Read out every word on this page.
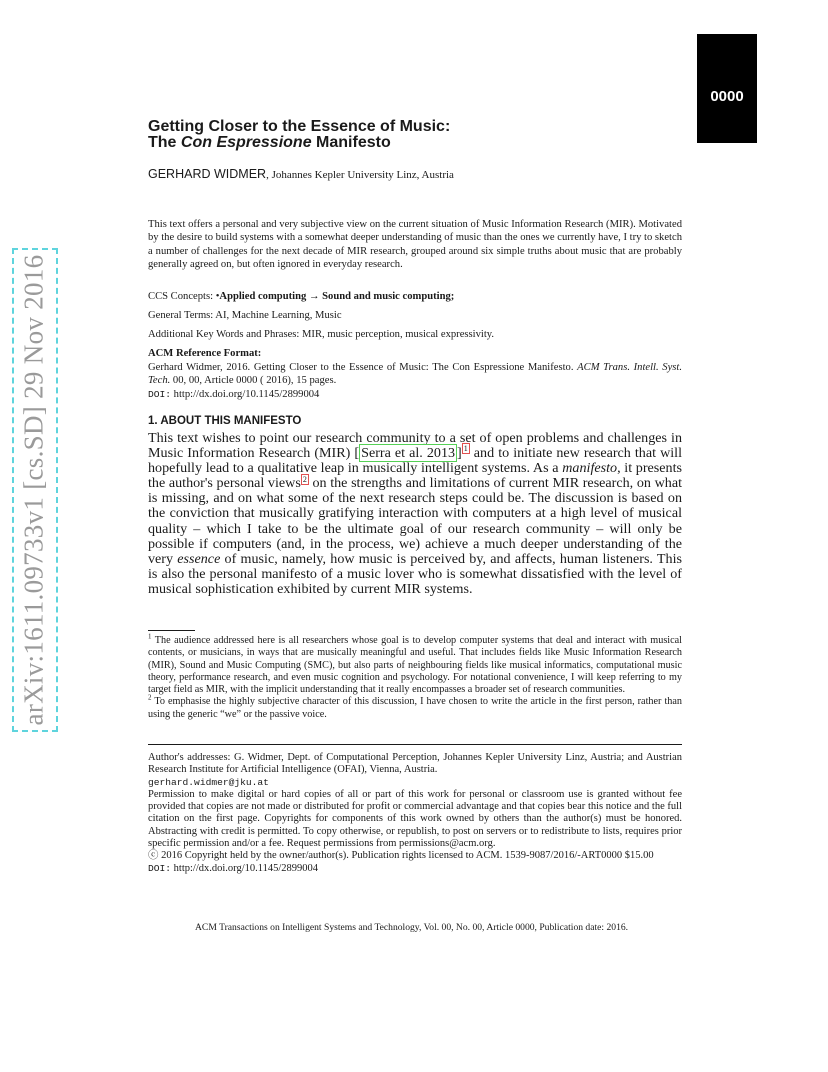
0000
arXiv:1611.09733v1 [cs.SD] 29 Nov 2016
Getting Closer to the Essence of Music:
The Con Espressione Manifesto
GERHARD WIDMER, Johannes Kepler University Linz, Austria

This text offers a personal and very subjective view on the current situation of Music Information Research (MIR). Motivated by the desire to build systems with a somewhat deeper understanding of music than the ones we currently have, I try to sketch a number of challenges for the next decade of MIR research, grouped around six simple truths about music that are probably generally agreed on, but often ignored in everyday research.

CCS Concepts: •Applied computing → Sound and music computing;
General Terms: AI, Machine Learning, Music
Additional Key Words and Phrases: MIR, music perception, musical expressivity.
ACM Reference Format:

Gerhard Widmer, 2016. Getting Closer to the Essence of Music: The Con Espressione Manifesto. ACM Trans. Intell. Syst. Tech. 00, 00, Article 0000 ( 2016), 15 pages.
DOI: http://dx.doi.org/10.1145/2899004

1. ABOUT THIS MANIFESTO

This text wishes to point our research community to a set of open problems and challenges in Music Information Research (MIR) [ Serra et al. 2013 ] $^1$ and to initiate new research that will hopefully lead to a qualitative leap in musically intelligent systems. As a manifesto, it presents the author's personal views $^2$ on the strengths and limitations of current MIR research, on what is missing, and on what some of the next research steps could be. The discussion is based on the conviction that musically gratifying interaction with computers at a high level of musical quality – which I take to be the ultimate goal of our research community – will only be possible if computers (and, in the process, we) achieve a much deeper understanding of the very essence of music, namely, how music is perceived by, and affects, human listeners. This is also the personal manifesto of a music lover who is somewhat dissatisfied with the level of musical sophistication exhibited by current MIR systems.

$^1$ The audience addressed here is all researchers whose goal is to develop computer systems that deal and interact with musical contents, or musicians, in ways that are musically meaningful and useful. That includes fields like Music Information Research (MIR), Sound and Music Computing (SMC), but also parts of neighbouring fields like musical informatics, computational music theory, performance research, and even music cognition and psychology. For notational convenience, I will keep referring to my target field as MIR, with the implicit understanding that it really encompasses a broader set of research communities.

$^2$ To emphasise the highly subjective character of this discussion, I have chosen to write the article in the first person, rather than using the generic “we” or the passive voice.

Author's addresses: G. Widmer, Dept. of Computational Perception, Johannes Kepler University Linz, Austria; and Austrian Research Institute for Artificial Intelligence (OFAI), Vienna, Austria.

gerhard.widmer@jku.at

Permission to make digital or hard copies of all or part of this work for personal or classroom use is granted without fee provided that copies are not made or distributed for profit or commercial advantage and that copies bear this notice and the full citation on the first page. Copyrights for components of this work owned by others than the author(s) must be honored. Abstracting with credit is permitted. To copy otherwise, or republish, to post on servers or to redistribute to lists, requires prior specific permission and/or a fee. Request permissions from permissions@acm.org.

ⓒ 2016 Copyright held by the owner/author(s). Publication rights licensed to ACM. 1539-9087/2016/-ART0000 $15.00

DOI: http://dx.doi.org/10.1145/2899004

ACM Transactions on Intelligent Systems and Technology, Vol. 00, No. 00, Article 0000, Publication date: 2016.
